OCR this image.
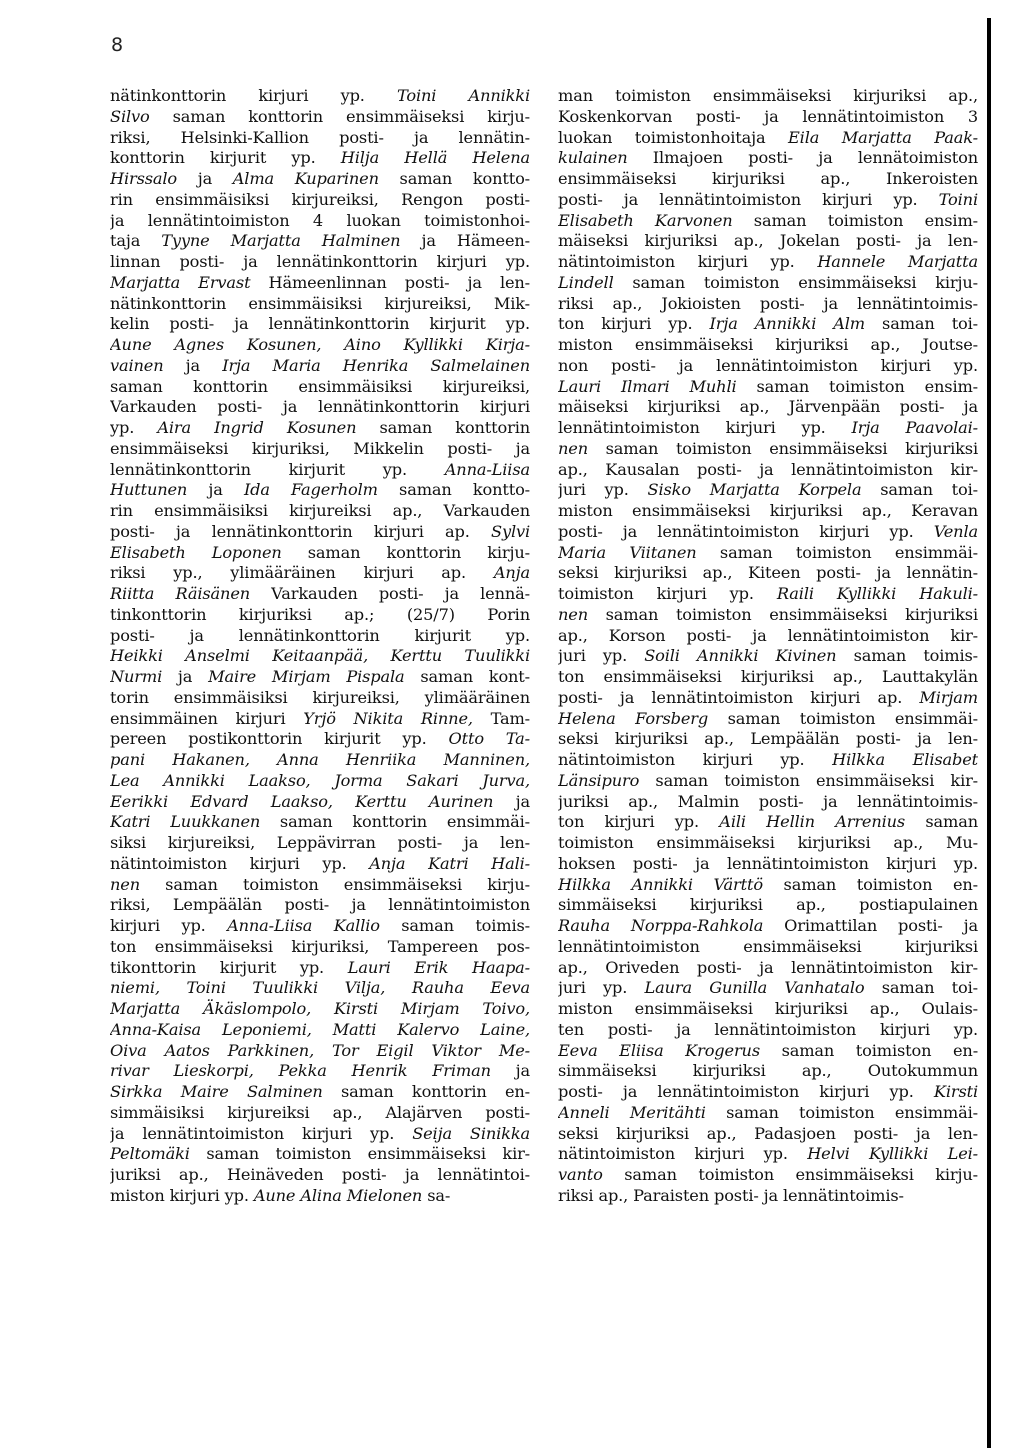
8
nätinkonttorin kirjuri yp. Toini Annikki
Silvo saman konttorin ensimmäiseksi kirju-
riksi, Helsinki-Kallion posti- ja lennätin-
konttorin kirjurit yp. Hilja Hellä Helena
Hirssalo ja Alma Kuparinen saman kontto-
rin ensimmäisiksi kirjureiksi, Rengon posti-
ja lennätintoimiston 4 luokan toimistonhoi-
taja Tyyne Marjatta Halminen ja Hämeen-
linnan posti- ja lennätinkonttorin kirjuri yp.
Marjatta Ervast Hämeenlinnan posti- ja len-
nätinkonttorin ensimmäisiksi kirjureiksi, Mik-
kelin posti- ja lennätinkonttorin kirjurit yp.
Aune Agnes Kosunen, Aino Kyllikki Kirja-
vainen ja Irja Maria Henrika Salmelainen
saman konttorin ensimmäisiksi kirjureiksi,
Varkauden posti- ja lennätinkonttorin kirjuri
yp. Aira Ingrid Kosunen saman konttorin
ensimmäiseksi kirjuriksi, Mikkelin posti- ja
lennätinkonttorin kirjurit yp. Anna-Liisa
Huttunen ja Ida Fagerholm saman kontto-
rin ensimmäisiksi kirjureiksi ap., Varkauden
posti- ja lennätinkonttorin kirjuri ap. Sylvi
Elisabeth Loponen saman konttorin kirju-
riksi yp., ylimääräinen kirjuri ap. Anja
Riitta Räisänen Varkauden posti- ja lennä-
tinkonttorin kirjuriksi ap.; (25/7) Porin
posti- ja lennätinkonttorin kirjurit yp.
Heikki Anselmi Keitaanpää, Kerttu Tuulikki
Nurmi ja Maire Mirjam Pispala saman kont-
torin ensimmäisiksi kirjureiksi, ylimääräinen
ensimmäinen kirjuri Yrjö Nikita Rinne, Tam-
pereen postikonttorin kirjurit yp. Otto Ta-
pani Hakanen, Anna Henriika Manninen,
Lea Annikki Laakso, Jorma Sakari Jurva,
Eerikki Edvard Laakso, Kerttu Aurinen ja
Katri Luukkanen saman konttorin ensimmäi-
siksi kirjureiksi, Leppävirran posti- ja len-
nätintoimiston kirjuri yp. Anja Katri Hali-
nen saman toimiston ensimmäiseksi kirju-
riksi, Lempäälän posti- ja lennätintoimiston
kirjuri yp. Anna-Liisa Kallio saman toimis-
ton ensimmäiseksi kirjuriksi, Tampereen pos-
tikonttorin kirjurit yp. Lauri Erik Haapa-
niemi, Toini Tuulikki Vilja, Rauha Eeva
Marjatta Äkäslompolo, Kirsti Mirjam Toivo,
Anna-Kaisa Leponiemi, Matti Kalervo Laine,
Oiva Aatos Parkkinen, Tor Eigil Viktor Me-
rivar Lieskorpi, Pekka Henrik Friman ja
Sirkka Maire Salminen saman konttorin en-
simmäisiksi kirjureiksi ap., Alajärven posti-
ja lennätintoimiston kirjuri yp. Seija Sinikka
Peltomäki saman toimiston ensimmäiseksi kir-
juriksi ap., Heinäveden posti- ja lennätintoi-
miston kirjuri yp. Aune Alina Mielonen sa-
man toimiston ensimmäiseksi kirjuriksi ap.,
Koskenkorvan posti- ja lennätintoimiston 3
luokan toimistonhoitaja Eila Marjatta Paak-
kulainen Ilmajoen posti- ja lennätoimiston
ensimmäiseksi kirjuriksi ap., Inkeroisten
posti- ja lennätintoimiston kirjuri yp. Toini
Elisabeth Karvonen saman toimiston ensim-
mäiseksi kirjuriksi ap., Jokelan posti- ja len-
nätintoimiston kirjuri yp. Hannele Marjatta
Lindell saman toimiston ensimmäiseksi kirju-
riksi ap., Jokioisten posti- ja lennätintoimis-
ton kirjuri yp. Irja Annikki Alm saman toi-
miston ensimmäiseksi kirjuriksi ap., Joutse-
non posti- ja lennätintoimiston kirjuri yp.
Lauri Ilmari Muhli saman toimiston ensim-
mäiseksi kirjuriksi ap., Järvenpään posti- ja
lennätintoimiston kirjuri yp. Irja Paavolai-
nen saman toimiston ensimmäiseksi kirjuriksi
ap., Kausalan posti- ja lennätintoimiston kir-
juri yp. Sisko Marjatta Korpela saman toi-
miston ensimmäiseksi kirjuriksi ap., Keravan
posti- ja lennätintoimiston kirjuri yp. Venla
Maria Viitanen saman toimiston ensimmäi-
seksi kirjuriksi ap., Kiteen posti- ja lennätin-
toimiston kirjuri yp. Raili Kyllikki Hakuli-
nen saman toimiston ensimmäiseksi kirjuriksi
ap., Korson posti- ja lennätintoimiston kir-
juri yp. Soili Annikki Kivinen saman toimis-
ton ensimmäiseksi kirjuriksi ap., Lauttakylän
posti- ja lennätintoimiston kirjuri ap. Mirjam
Helena Forsberg saman toimiston ensimmäi-
seksi kirjuriksi ap., Lempäälän posti- ja len-
nätintoimiston kirjuri yp. Hilkka Elisabet
Länsipuro saman toimiston ensimmäiseksi kir-
juriksi ap., Malmin posti- ja lennätintoimis-
ton kirjuri yp. Aili Hellin Arrenius saman
toimiston ensimmäiseksi kirjuriksi ap., Mu-
hoksen posti- ja lennätintoimiston kirjuri yp.
Hilkka Annikki Värttö saman toimiston en-
simmäiseksi kirjuriksi ap., postiapulainen
Rauha Norppa-Rahkola Orimattilan posti- ja
lennätintoimiston ensimmäiseksi kirjuriksi
ap., Oriveden posti- ja lennätintoimiston kir-
juri yp. Laura Gunilla Vanhatalo saman toi-
miston ensimmäiseksi kirjuriksi ap., Oulais-
ten posti- ja lennätintoimiston kirjuri yp.
Eeva Eliisa Krogerus saman toimiston en-
simmäiseksi kirjuriksi ap., Outokummun
posti- ja lennätintoimiston kirjuri yp. Kirsti
Anneli Meritähti saman toimiston ensimmäi-
seksi kirjuriksi ap., Padasjoen posti- ja len-
nätintoimiston kirjuri yp. Helvi Kyllikki Lei-
vanto saman toimiston ensimmäiseksi kirju-
riksi ap., Paraisten posti- ja lennätintoimis-
